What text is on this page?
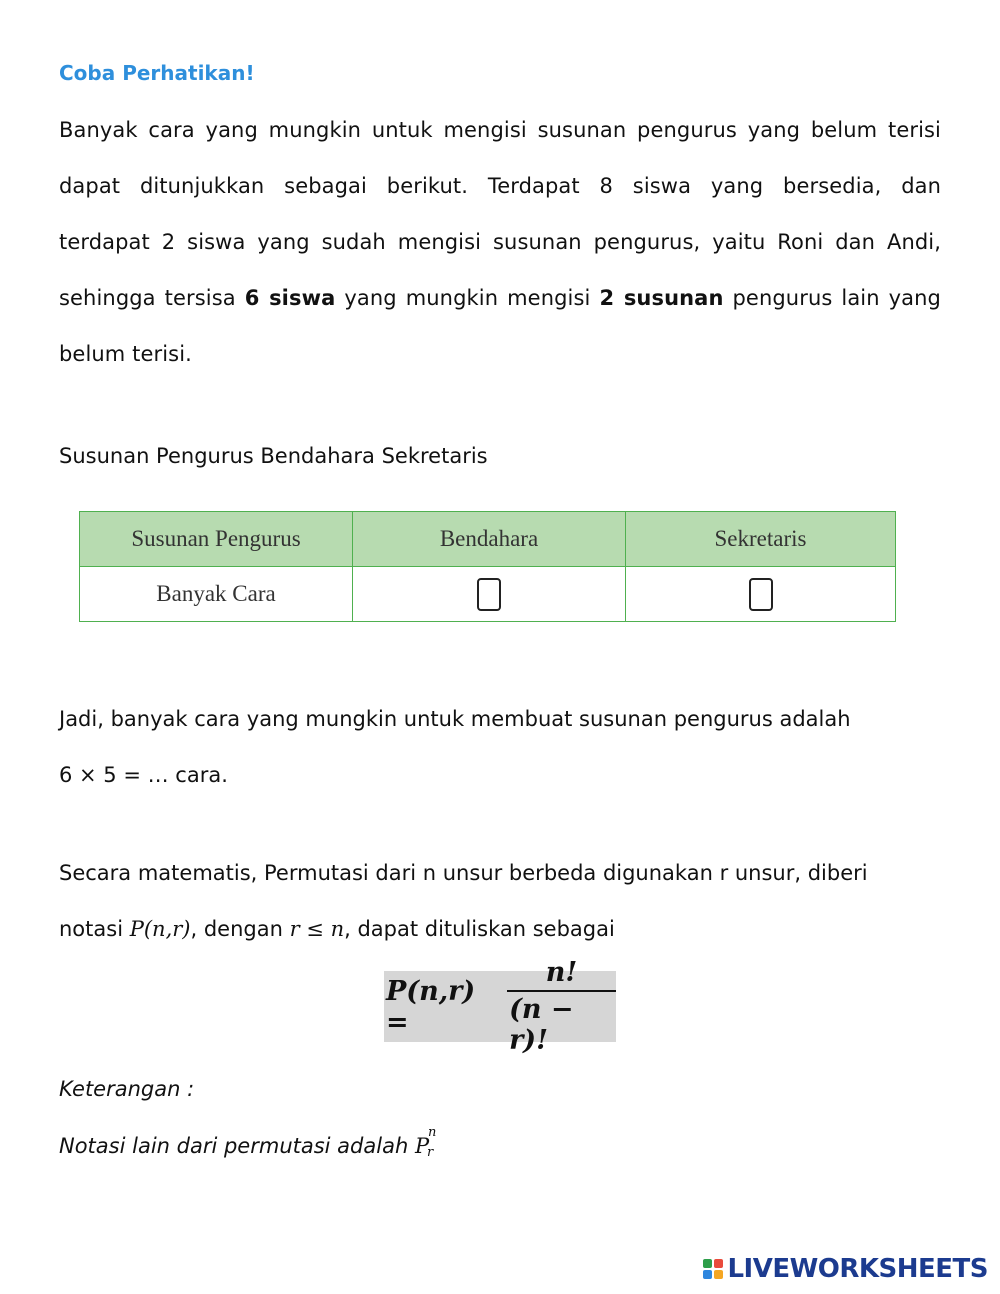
Coba Perhatikan!
Banyak cara yang mungkin untuk mengisi susunan pengurus yang belum terisi
dapat ditunjukkan sebagai berikut. Terdapat 8 siswa yang bersedia, dan
terdapat 2 siswa yang sudah mengisi susunan pengurus, yaitu Roni dan Andi,
sehingga tersisa 6 siswa yang mungkin mengisi 2 susunan pengurus lain yang
belum terisi.
Susunan Pengurus Bendahara Sekretaris
Susunan Pengurus	Bendahara	Sekretaris
Banyak Cara		
Jadi, banyak cara yang mungkin untuk membuat susunan pengurus adalah
6 × 5 = … cara.
Secara matematis, Permutasi dari n unsur berbeda digunakan r unsur, diberi
notasi P(n,r), dengan r ≤ n, dapat dituliskan sebagai
P(n,r) =	$\frac{n!}{(n - r)!}$
Keterangan :
Notasi lain dari permutasi adalah P
n
r
LIVEWORKSHEETS
